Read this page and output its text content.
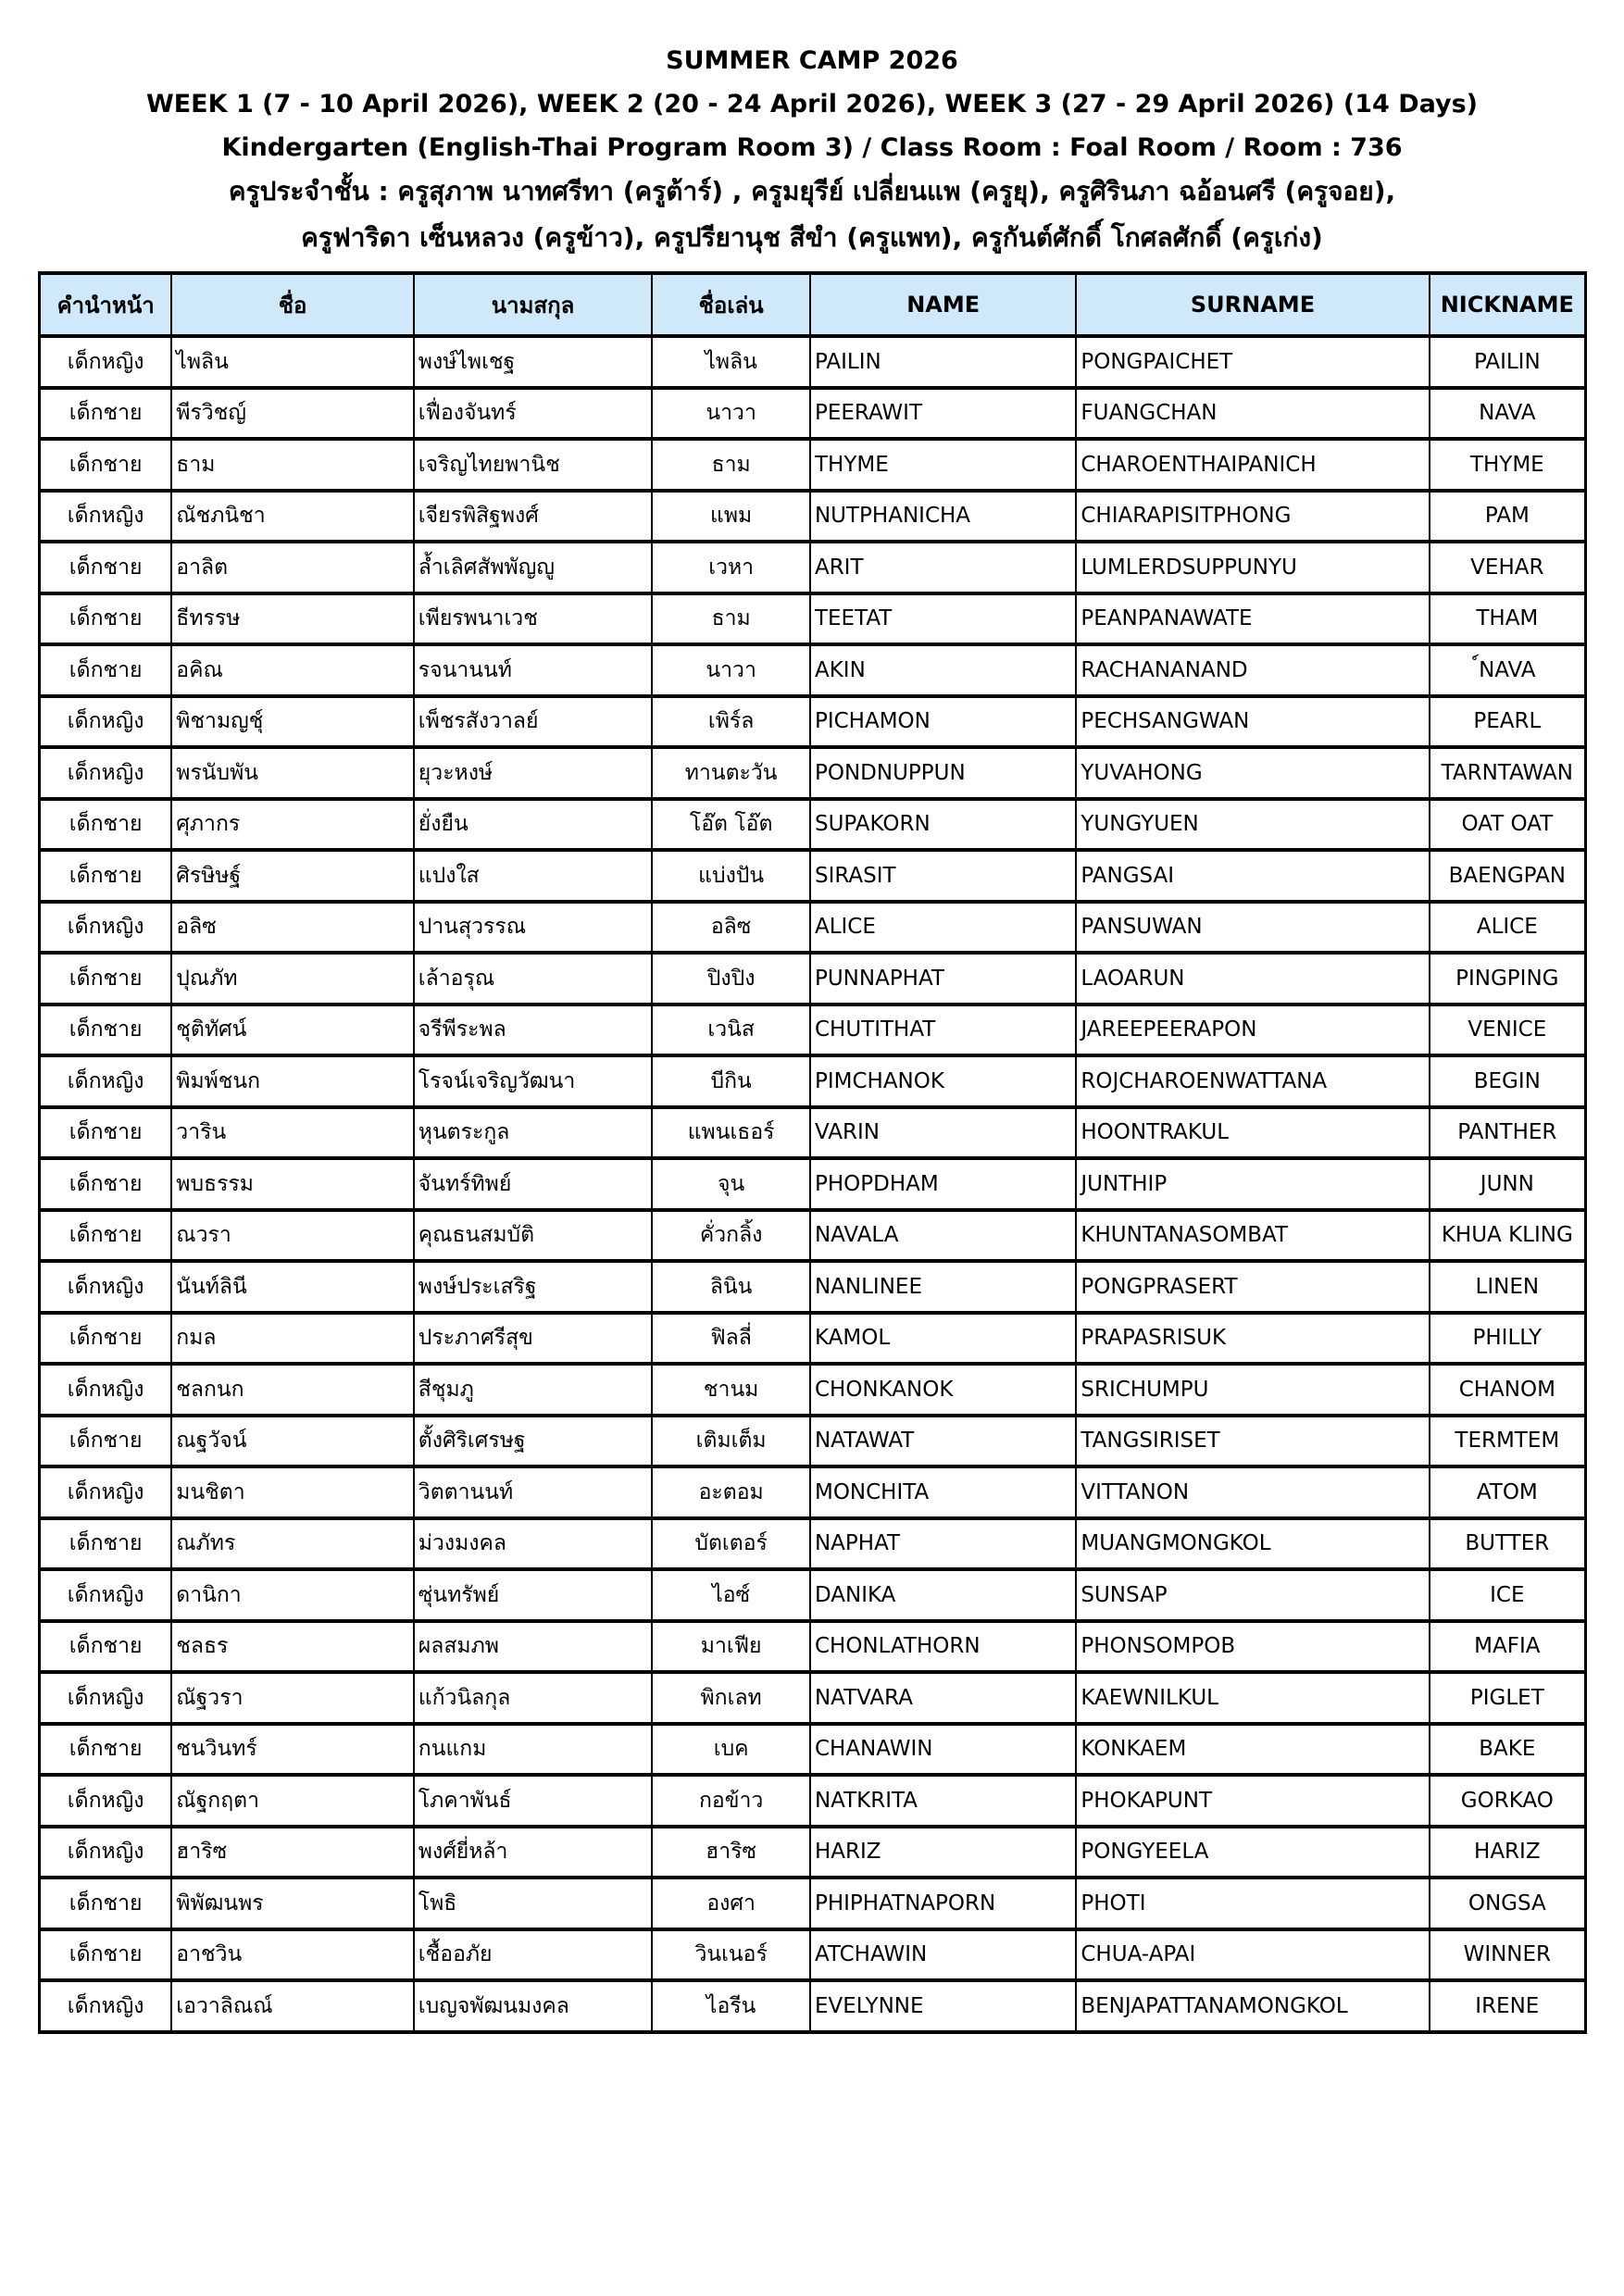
SUMMER CAMP 2026
WEEK 1 (7 - 10 April 2026), WEEK 2 (20 - 24 April 2026), WEEK 3 (27 - 29 April 2026) (14 Days)
Kindergarten (English-Thai Program Room 3) / Class Room : Foal Room / Room : 736
ครูประจำชั้น : ครูสุภาพ นาทศรีทา (ครูต้าร์) , ครูมยุรีย์ เปลี่ยนแพ (ครูยุ), ครูศิรินภา ฉอ้อนศรี (ครูจอย),
ครูฟาริดา เซ็นหลวง (ครูข้าว), ครูปรียานุช สีขำ (ครูแพท), ครูกันต์ศักดิ์ โกศลศักดิ์ (ครูเก่ง)
คำนำหน้า	ชื่อ	นามสกุล	ชื่อเล่น	NAME	SURNAME	NICKNAME
เด็กหญิง	ไพลิน	พงษ์ไพเชฐ	ไพลิน	PAILIN	PONGPAICHET	PAILIN
เด็กชาย	พีรวิชญ์	เฟื่องจันทร์	นาวา	PEERAWIT	FUANGCHAN	NAVA
เด็กชาย	ธาม	เจริญไทยพานิช	ธาม	THYME	CHAROENTHAIPANICH	THYME
เด็กหญิง	ณัชภนิชา	เจียรพิสิฐพงศ์	แพม	NUTPHANICHA	CHIARAPISITPHONG	PAM
เด็กชาย	อาลิต	ล้ำเลิศสัพพัญญู	เวหา	ARIT	LUMLERDSUPPUNYU	VEHAR
เด็กชาย	ธีทรรษ	เพียรพนาเวช	ธาม	TEETAT	PEANPANAWATE	THAM
เด็กชาย	อคิณ	รจนานนท์	นาวา	AKIN	RACHANANAND	์NAVA
เด็กหญิง	พิชามญชุ์	เพ็ชรสังวาลย์	เพิร์ล	PICHAMON	PECHSANGWAN	PEARL
เด็กหญิง	พรนับพัน	ยุวะหงษ์	ทานตะวัน	PONDNUPPUN	YUVAHONG	TARNTAWAN
เด็กชาย	ศุภากร	ยั่งยืน	โอ๊ต โอ๊ต	SUPAKORN	YUNGYUEN	OAT OAT
เด็กชาย	ศิรษิษฐ์	แปงใส	แบ่งปัน	SIRASIT	PANGSAI	BAENGPAN
เด็กหญิง	อลิซ	ปานสุวรรณ	อลิซ	ALICE	PANSUWAN	ALICE
เด็กชาย	ปุณภัท	เล้าอรุณ	ปิงปิง	PUNNAPHAT	LAOARUN	PINGPING
เด็กชาย	ชุติทัศน์	จรีพีระพล	เวนิส	CHUTITHAT	JAREEPEERAPON	VENICE
เด็กหญิง	พิมพ์ชนก	โรจน์เจริญวัฒนา	บีกิน	PIMCHANOK	ROJCHAROENWATTANA	BEGIN
เด็กชาย	วาริน	หุนตระกูล	แพนเธอร์	VARIN	HOONTRAKUL	PANTHER
เด็กชาย	พบธรรม	จันทร์ทิพย์	จุน	PHOPDHAM	JUNTHIP	JUNN
เด็กชาย	ณวรา	คุณธนสมบัติ	คั่วกลิ้ง	NAVALA	KHUNTANASOMBAT	KHUA KLING
เด็กหญิง	นันท์ลินี	พงษ์ประเสริฐ	ลินิน	NANLINEE	PONGPRASERT	LINEN
เด็กชาย	กมล	ประภาศรีสุข	ฟิลลี่	KAMOL	PRAPASRISUK	PHILLY
เด็กหญิง	ชลกนก	สีชุมภู	ชานม	CHONKANOK	SRICHUMPU	CHANOM
เด็กชาย	ณฐวัจน์	ตั้งศิริเศรษฐ	เติมเต็ม	NATAWAT	TANGSIRISET	TERMTEM
เด็กหญิง	มนชิตา	วิตตานนท์	อะตอม	MONCHITA	VITTANON	ATOM
เด็กชาย	ณภัทร	ม่วงมงคล	บัตเตอร์	NAPHAT	MUANGMONGKOL	BUTTER
เด็กหญิง	ดานิกา	ซุ่นทรัพย์	ไอซ์	DANIKA	SUNSAP	ICE
เด็กชาย	ชลธร	ผลสมภพ	มาเฟีย	CHONLATHORN	PHONSOMPOB	MAFIA
เด็กหญิง	ณัฐวรา	แก้วนิลกุล	พิกเลท	NATVARA	KAEWNILKUL	PIGLET
เด็กชาย	ชนวินทร์	กนแกม	เบค	CHANAWIN	KONKAEM	BAKE
เด็กหญิง	ณัฐกฤตา	โภคาพันธ์	กอข้าว	NATKRITA	PHOKAPUNT	GORKAO
เด็กหญิง	ฮาริซ	พงศ์ยี่หล้า	ฮาริซ	HARIZ	PONGYEELA	HARIZ
เด็กชาย	พิพัฒนพร	โพธิ	องศา	PHIPHATNAPORN	PHOTI	ONGSA
เด็กชาย	อาชวิน	เชื้ออภัย	วินเนอร์	ATCHAWIN	CHUA-APAI	WINNER
เด็กหญิง	เอวาลิณณ์	เบญจพัฒนมงคล	ไอรีน	EVELYNNE	BENJAPATTANAMONGKOL	IRENE
